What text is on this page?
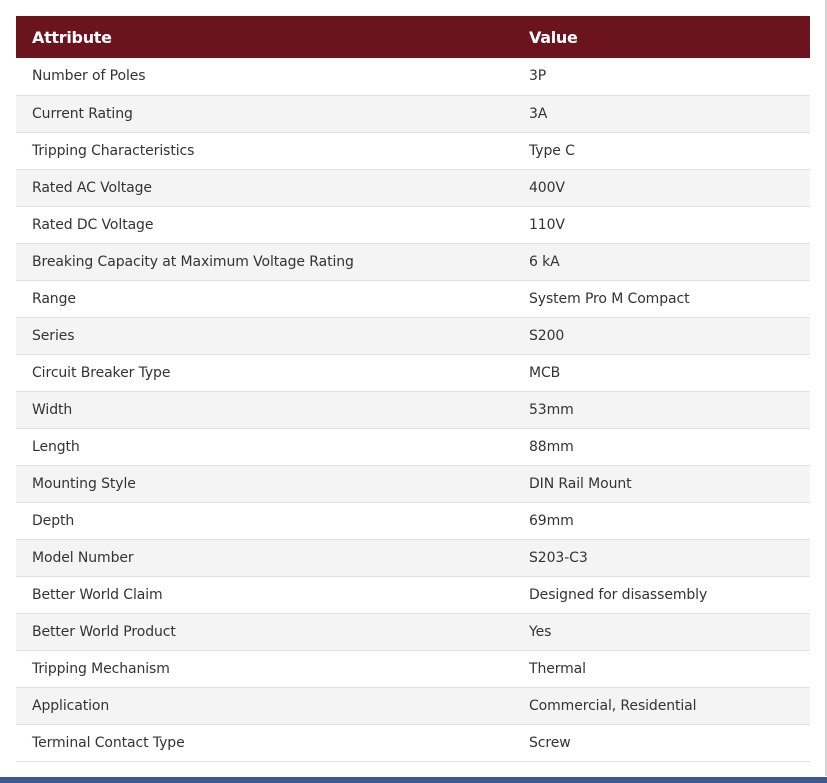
Attribute	Value
Number of Poles	3P
Current Rating	3A
Tripping Characteristics	Type C
Rated AC Voltage	400V
Rated DC Voltage	110V
Breaking Capacity at Maximum Voltage Rating	6 kA
Range	System Pro M Compact
Series	S200
Circuit Breaker Type	MCB
Width	53mm
Length	88mm
Mounting Style	DIN Rail Mount
Depth	69mm
Model Number	S203-C3
Better World Claim	Designed for disassembly
Better World Product	Yes
Tripping Mechanism	Thermal
Application	Commercial, Residential
Terminal Contact Type	Screw
